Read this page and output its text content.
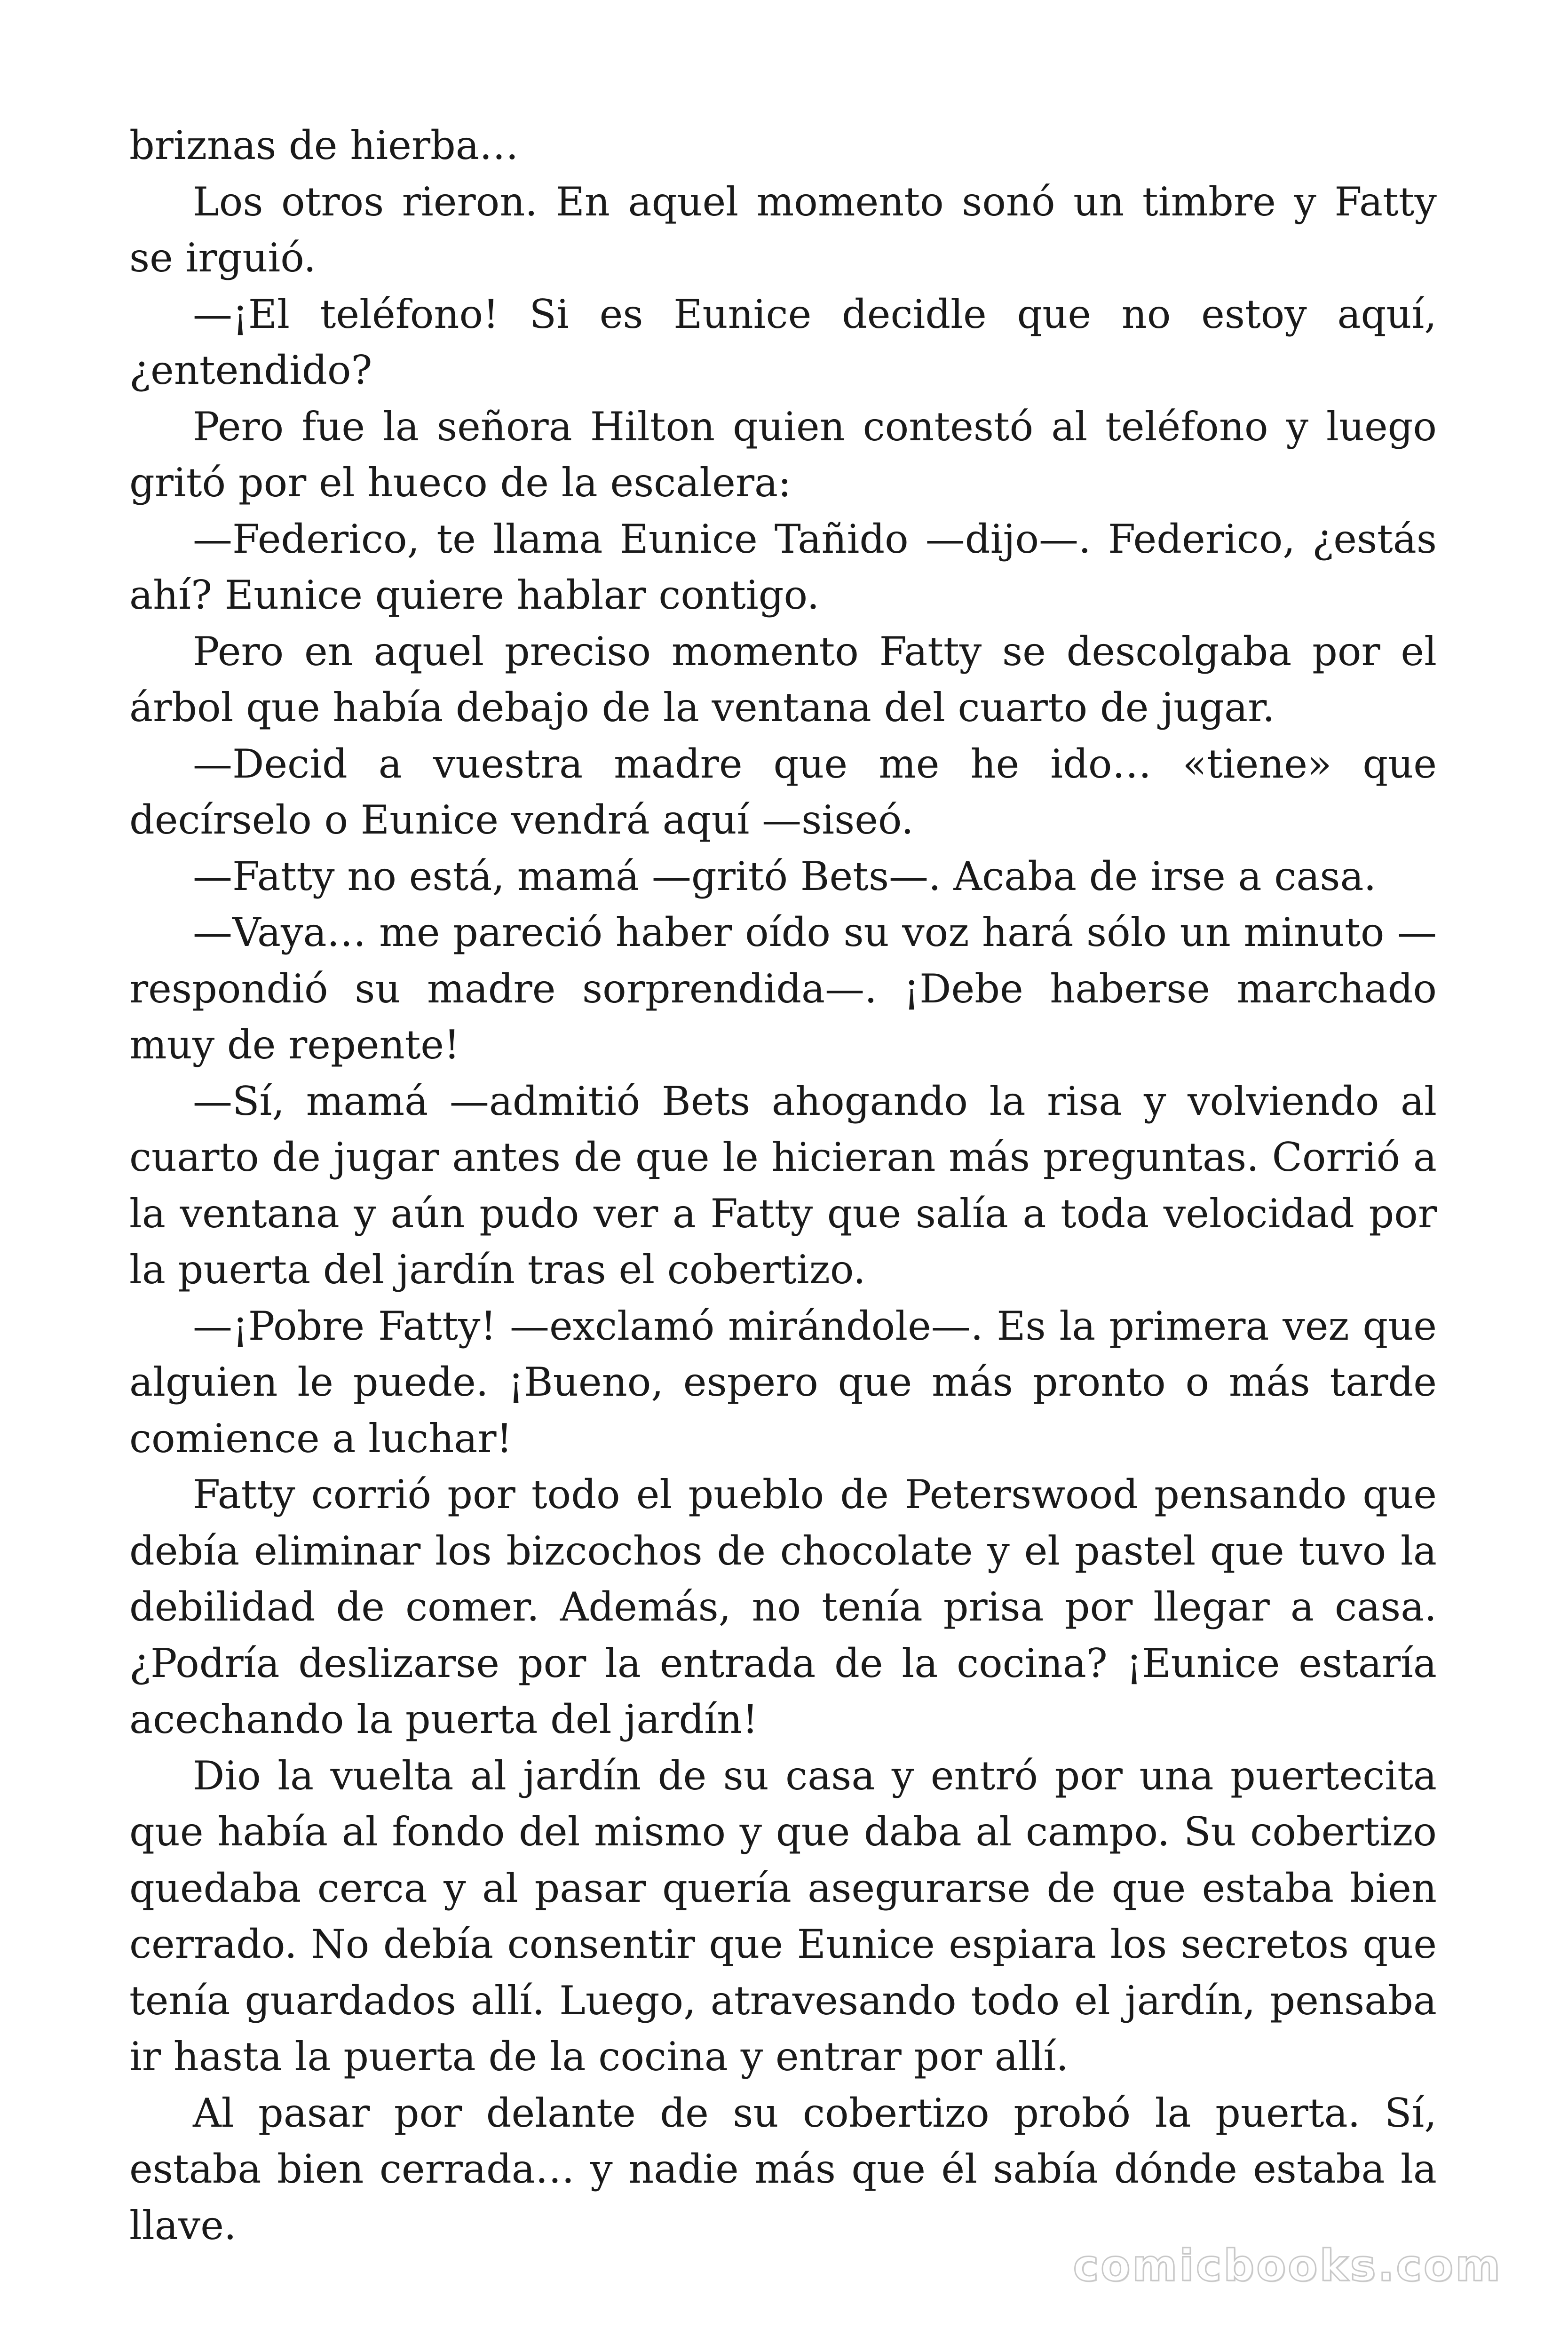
briznas de hierba…

Los otros rieron. En aquel momento sonó un timbre y Fatty se irguió.

—¡El teléfono! Si es Eunice decidle que no estoy aquí, ¿entendido?

Pero fue la señora Hilton quien contestó al teléfono y luego gritó por el hueco de la escalera:

—Federico, te llama Eunice Tañido —dijo—. Federico, ¿estás ahí? Eunice quiere hablar contigo.

Pero en aquel preciso momento Fatty se descolgaba por el árbol que había debajo de la ventana del cuarto de jugar.

—Decid a vuestra madre que me he ido… «tiene» que decírselo o Eunice vendrá aquí —siseó.

—Fatty no está, mamá —gritó Bets—. Acaba de irse a casa.

—Vaya… me pareció haber oído su voz hará sólo un minuto —respondió su madre sorprendida—. ¡Debe haberse marchado muy de repente!

—Sí, mamá —admitió Bets ahogando la risa y volviendo al cuarto de jugar antes de que le hicieran más preguntas. Corrió a la ventana y aún pudo ver a Fatty que salía a toda velocidad por la puerta del jardín tras el cobertizo.

—¡Pobre Fatty! —exclamó mirándole—. Es la primera vez que alguien le puede. ¡Bueno, espero que más pronto o más tarde comience a luchar!

Fatty corrió por todo el pueblo de Peterswood pensando que debía eliminar los bizcochos de chocolate y el pastel que tuvo la debilidad de comer. Además, no tenía prisa por llegar a casa. ¿Podría deslizarse por la entrada de la cocina? ¡Eunice estaría acechando la puerta del jardín!

Dio la vuelta al jardín de su casa y entró por una puertecita que había al fondo del mismo y que daba al campo. Su cobertizo quedaba cerca y al pasar quería asegurarse de que estaba bien cerrado. No debía consentir que Eunice espiara los secretos que tenía guardados allí. Luego, atravesando todo el jardín, pensaba ir hasta la puerta de la cocina y entrar por allí.

Al pasar por delante de su cobertizo probó la puerta. Sí, estaba bien cerrada… y nadie más que él sabía dónde estaba la llave.

comicbooks.com
